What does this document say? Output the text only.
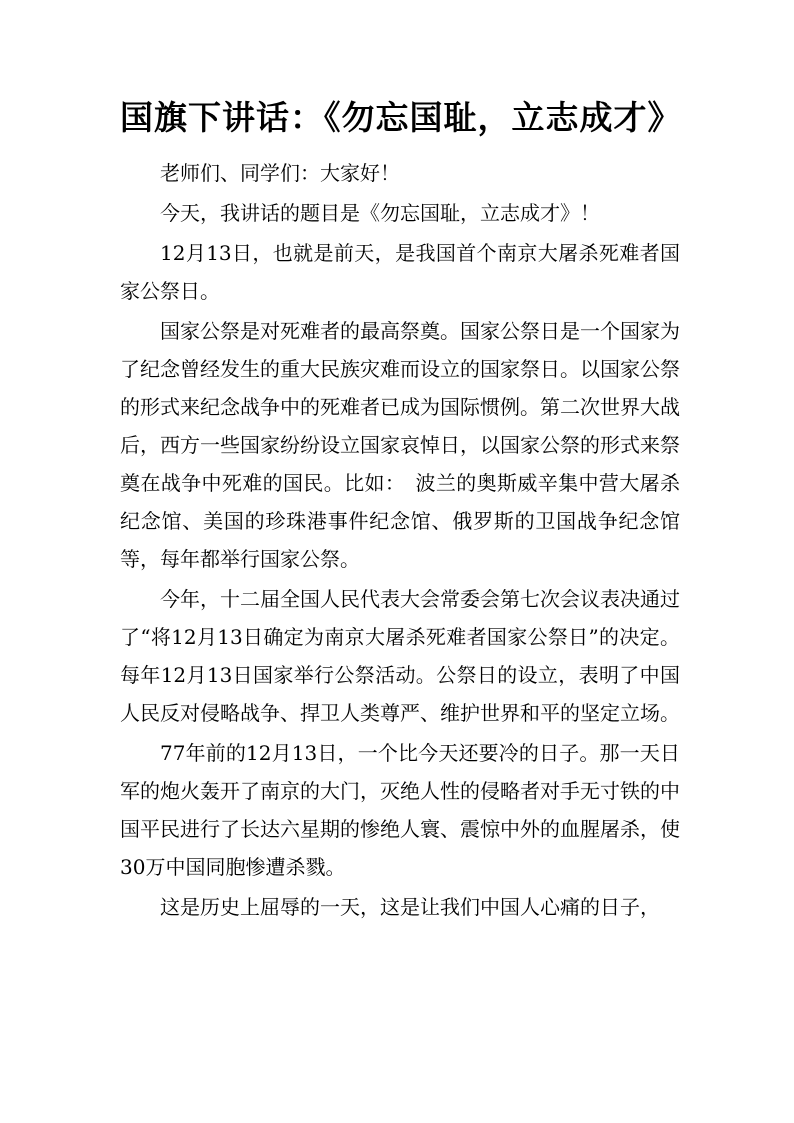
国旗下讲话：《勿忘国耻，立志成才》

老师们、同学们：大家好！

今天，我讲话的题目是《勿忘国耻，立志成才》！

12月13日，也就是前天，是我国首个南京大屠杀死难者国家公祭日。

国家公祭是对死难者的最高祭奠。国家公祭日是一个国家为了纪念曾经发生的重大民族灾难而设立的国家祭日。以国家公祭的形式来纪念战争中的死难者已成为国际惯例。第二次世界大战后，西方一些国家纷纷设立国家哀悼日，以国家公祭的形式来祭奠在战争中死难的国民。比如：　波兰的奥斯威辛集中营大屠杀纪念馆、美国的珍珠港事件纪念馆、俄罗斯的卫国战争纪念馆等，每年都举行国家公祭。

今年，十二届全国人民代表大会常委会第七次会议表决通过了“将12月13日确定为南京大屠杀死难者国家公祭日”的决定。每年12月13日国家举行公祭活动。公祭日的设立，表明了中国人民反对侵略战争、捍卫人类尊严、维护世界和平的坚定立场。

77年前的12月13日，一个比今天还要冷的日子。那一天日军的炮火轰开了南京的大门，灭绝人性的侵略者对手无寸铁的中国平民进行了长达六星期的惨绝人寰、震惊中外的血腥屠杀，使30万中国同胞惨遭杀戮。

这是历史上屈辱的一天，这是让我们中国人心痛的日子，
